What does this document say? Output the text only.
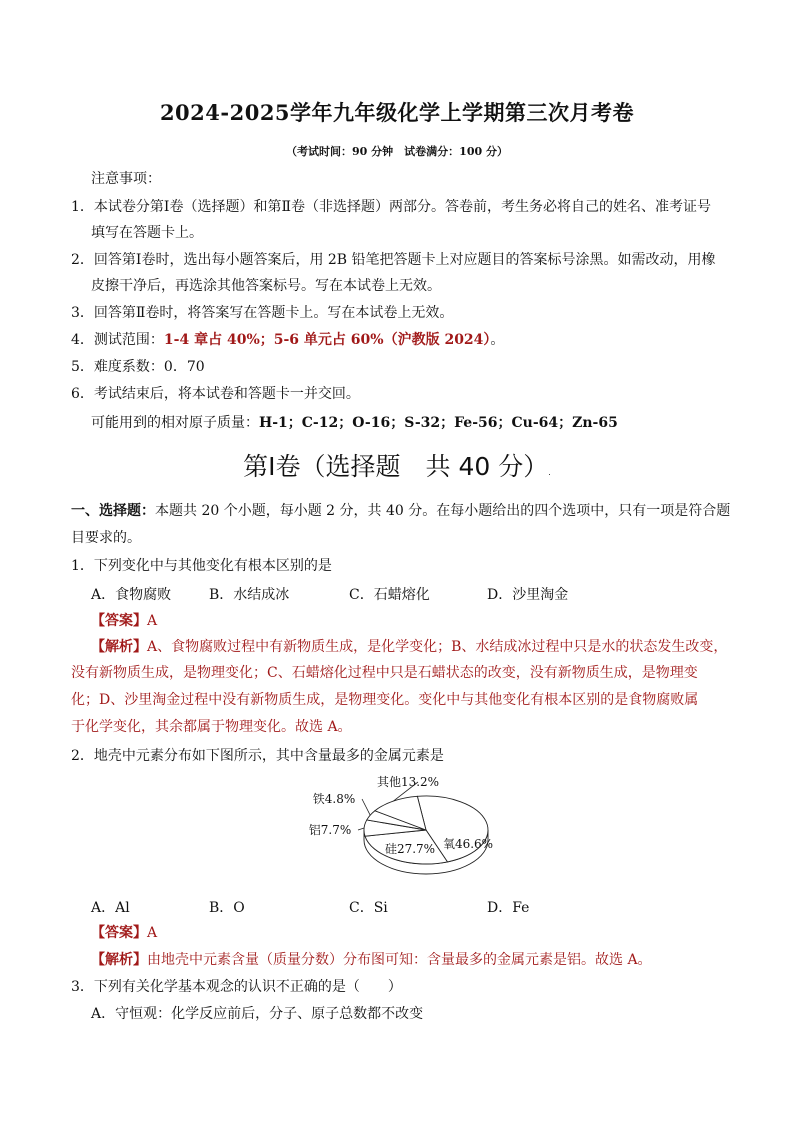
2024-2025学年九年级化学上学期第三次月考卷
（考试时间：90 分钟　试卷满分：100 分）
注意事项：
1．本试卷分第Ⅰ卷（选择题）和第Ⅱ卷（非选择题）两部分。答卷前，考生务必将自己的姓名、准考证号
填写在答题卡上。
2．回答第Ⅰ卷时，选出每小题答案后，用 2B 铅笔把答题卡上对应题目的答案标号涂黑。如需改动，用橡
皮擦干净后，再选涂其他答案标号。写在本试卷上无效。
3．回答第Ⅱ卷时，将答案写在答题卡上。写在本试卷上无效。
4．测试范围：1-4 章占 40%；5-6 单元占 60%（沪教版 2024）。
5．难度系数：0．70
6．考试结束后，将本试卷和答题卡一并交回。
可能用到的相对原子质量：H-1；C-12；O-16；S-32；Fe-56；Cu-64；Zn-65
第Ⅰ卷（选择题　共 40 分）.
一、选择题：本题共 20 个小题，每小题 2 分，共 40 分。在每小题给出的四个选项中，只有一项是符合题
目要求的。
1．下列变化中与其他变化有根本区别的是
A．食物腐败	B．水结成冰	C．石蜡熔化	D．沙里淘金
【答案】A
【解析】A、食物腐败过程中有新物质生成，是化学变化；B、水结成冰过程中只是水的状态发生改变，
没有新物质生成，是物理变化；C、石蜡熔化过程中只是石蜡状态的改变，没有新物质生成，是物理变
化；D、沙里淘金过程中没有新物质生成，是物理变化。变化中与其他变化有根本区别的是食物腐败属
于化学变化，其余都属于物理变化。故选 A。
2．地壳中元素分布如下图所示，其中含量最多的金属元素是
氧46.6%
硅27.7%
铝7.7%
铁4.8%
其他13.2%
A．Al	B．O	C．Si	D．Fe
【答案】A
【解析】由地壳中元素含量（质量分数）分布图可知：含量最多的金属元素是铝。故选 A。
3．下列有关化学基本观念的认识不正确的是（　　）
A．守恒观：化学反应前后，分子、原子总数都不改变
